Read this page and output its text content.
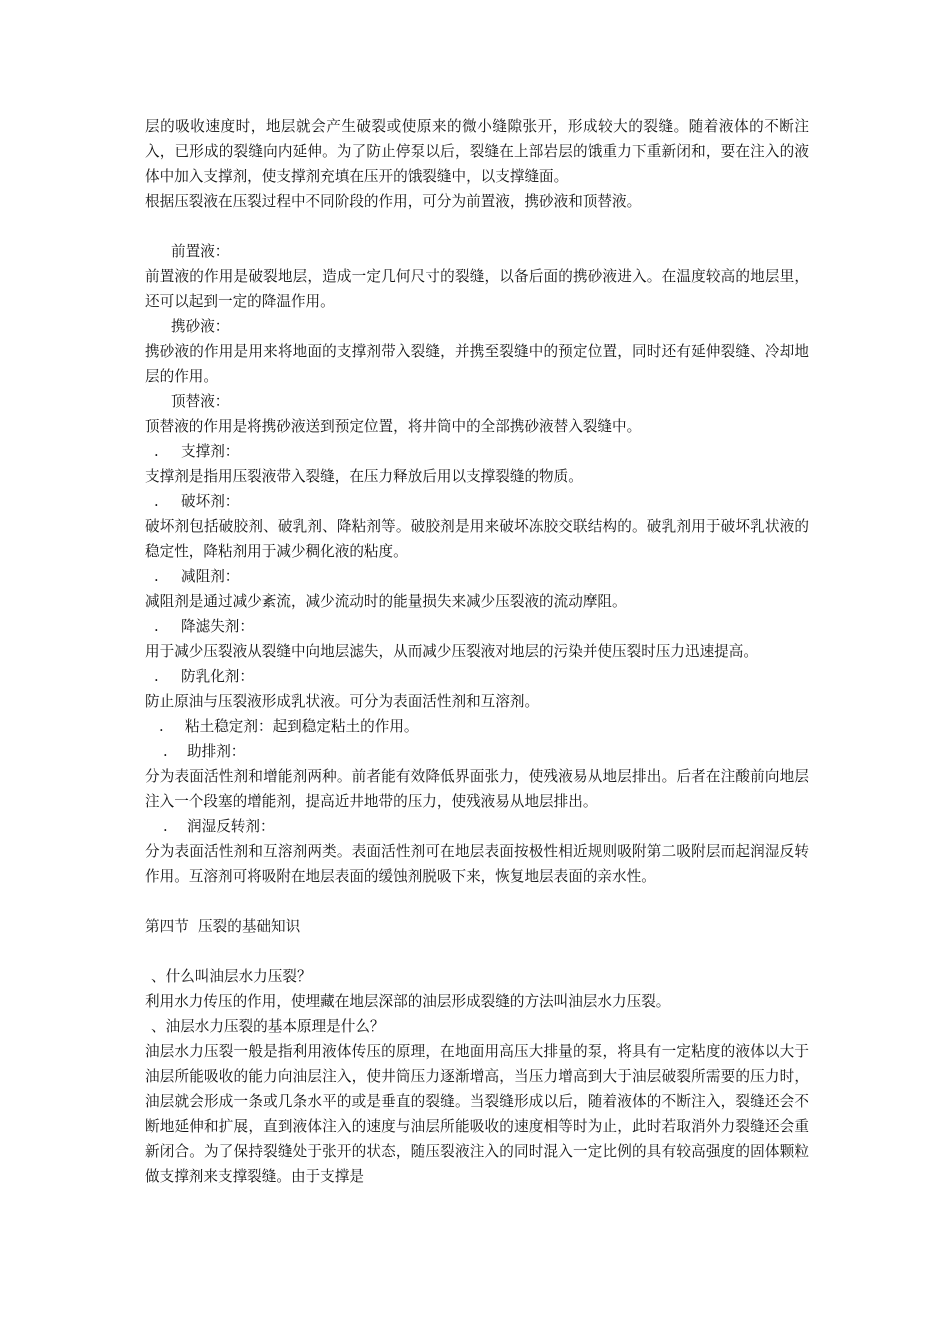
层的吸收速度时，地层就会产生破裂或使原来的微小缝隙张开，形成较大的裂缝。随着液体的不断注入，已形成的裂缝向内延伸。为了防止停泵以后，裂缝在上部岩层的饿重力下重新闭和，要在注入的液体中加入支撑剂，使支撑剂充填在压开的饿裂缝中，以支撑缝面。
根据压裂液在压裂过程中不同阶段的作用，可分为前置液，携砂液和顶替液。
前置液：
前置液的作用是破裂地层，造成一定几何尺寸的裂缝，以备后面的携砂液进入。在温度较高的地层里，还可以起到一定的降温作用。
携砂液：
携砂液的作用是用来将地面的支撑剂带入裂缝，并携至裂缝中的预定位置，同时还有延伸裂缝、冷却地层的作用。
顶替液：
顶替液的作用是将携砂液送到预定位置，将井筒中的全部携砂液替入裂缝中。
. 支撑剂：
支撑剂是指用压裂液带入裂缝，在压力释放后用以支撑裂缝的物质。
. 破坏剂：
破坏剂包括破胶剂、破乳剂、降粘剂等。破胶剂是用来破坏冻胶交联结构的。破乳剂用于破坏乳状液的稳定性，降粘剂用于减少稠化液的粘度。
. 减阻剂：
减阻剂是通过减少紊流，减少流动时的能量损失来减少压裂液的流动摩阻。
. 降滤失剂：
用于减少压裂液从裂缝中向地层滤失，从而减少压裂液对地层的污染并使压裂时压力迅速提高。
. 防乳化剂：
防止原油与压裂液形成乳状液。可分为表面活性剂和互溶剂。
. 粘土稳定剂：起到稳定粘土的作用。
. 助排剂：
分为表面活性剂和增能剂两种。前者能有效降低界面张力，使残液易从地层排出。后者在注酸前向地层注入一个段塞的增能剂，提高近井地带的压力，使残液易从地层排出。
. 润湿反转剂：
分为表面活性剂和互溶剂两类。表面活性剂可在地层表面按极性相近规则吸附第二吸附层而起润湿反转作用。互溶剂可将吸附在地层表面的缓蚀剂脱吸下来，恢复地层表面的亲水性。
第四节  压裂的基础知识
、什么叫油层水力压裂？
利用水力传压的作用，使埋藏在地层深部的油层形成裂缝的方法叫油层水力压裂。
、油层水力压裂的基本原理是什么？
油层水力压裂一般是指利用液体传压的原理，在地面用高压大排量的泵，将具有一定粘度的液体以大于油层所能吸收的能力向油层注入，使井筒压力逐渐增高，当压力增高到大于油层破裂所需要的压力时，油层就会形成一条或几条水平的或是垂直的裂缝。当裂缝形成以后，随着液体的不断注入，裂缝还会不断地延伸和扩展，直到液体注入的速度与油层所能吸收的速度相等时为止，此时若取消外力裂缝还会重新闭合。为了保持裂缝处于张开的状态，随压裂液注入的同时混入一定比例的具有较高强度的固体颗粒做支撑剂来支撑裂缝。由于支撑是
